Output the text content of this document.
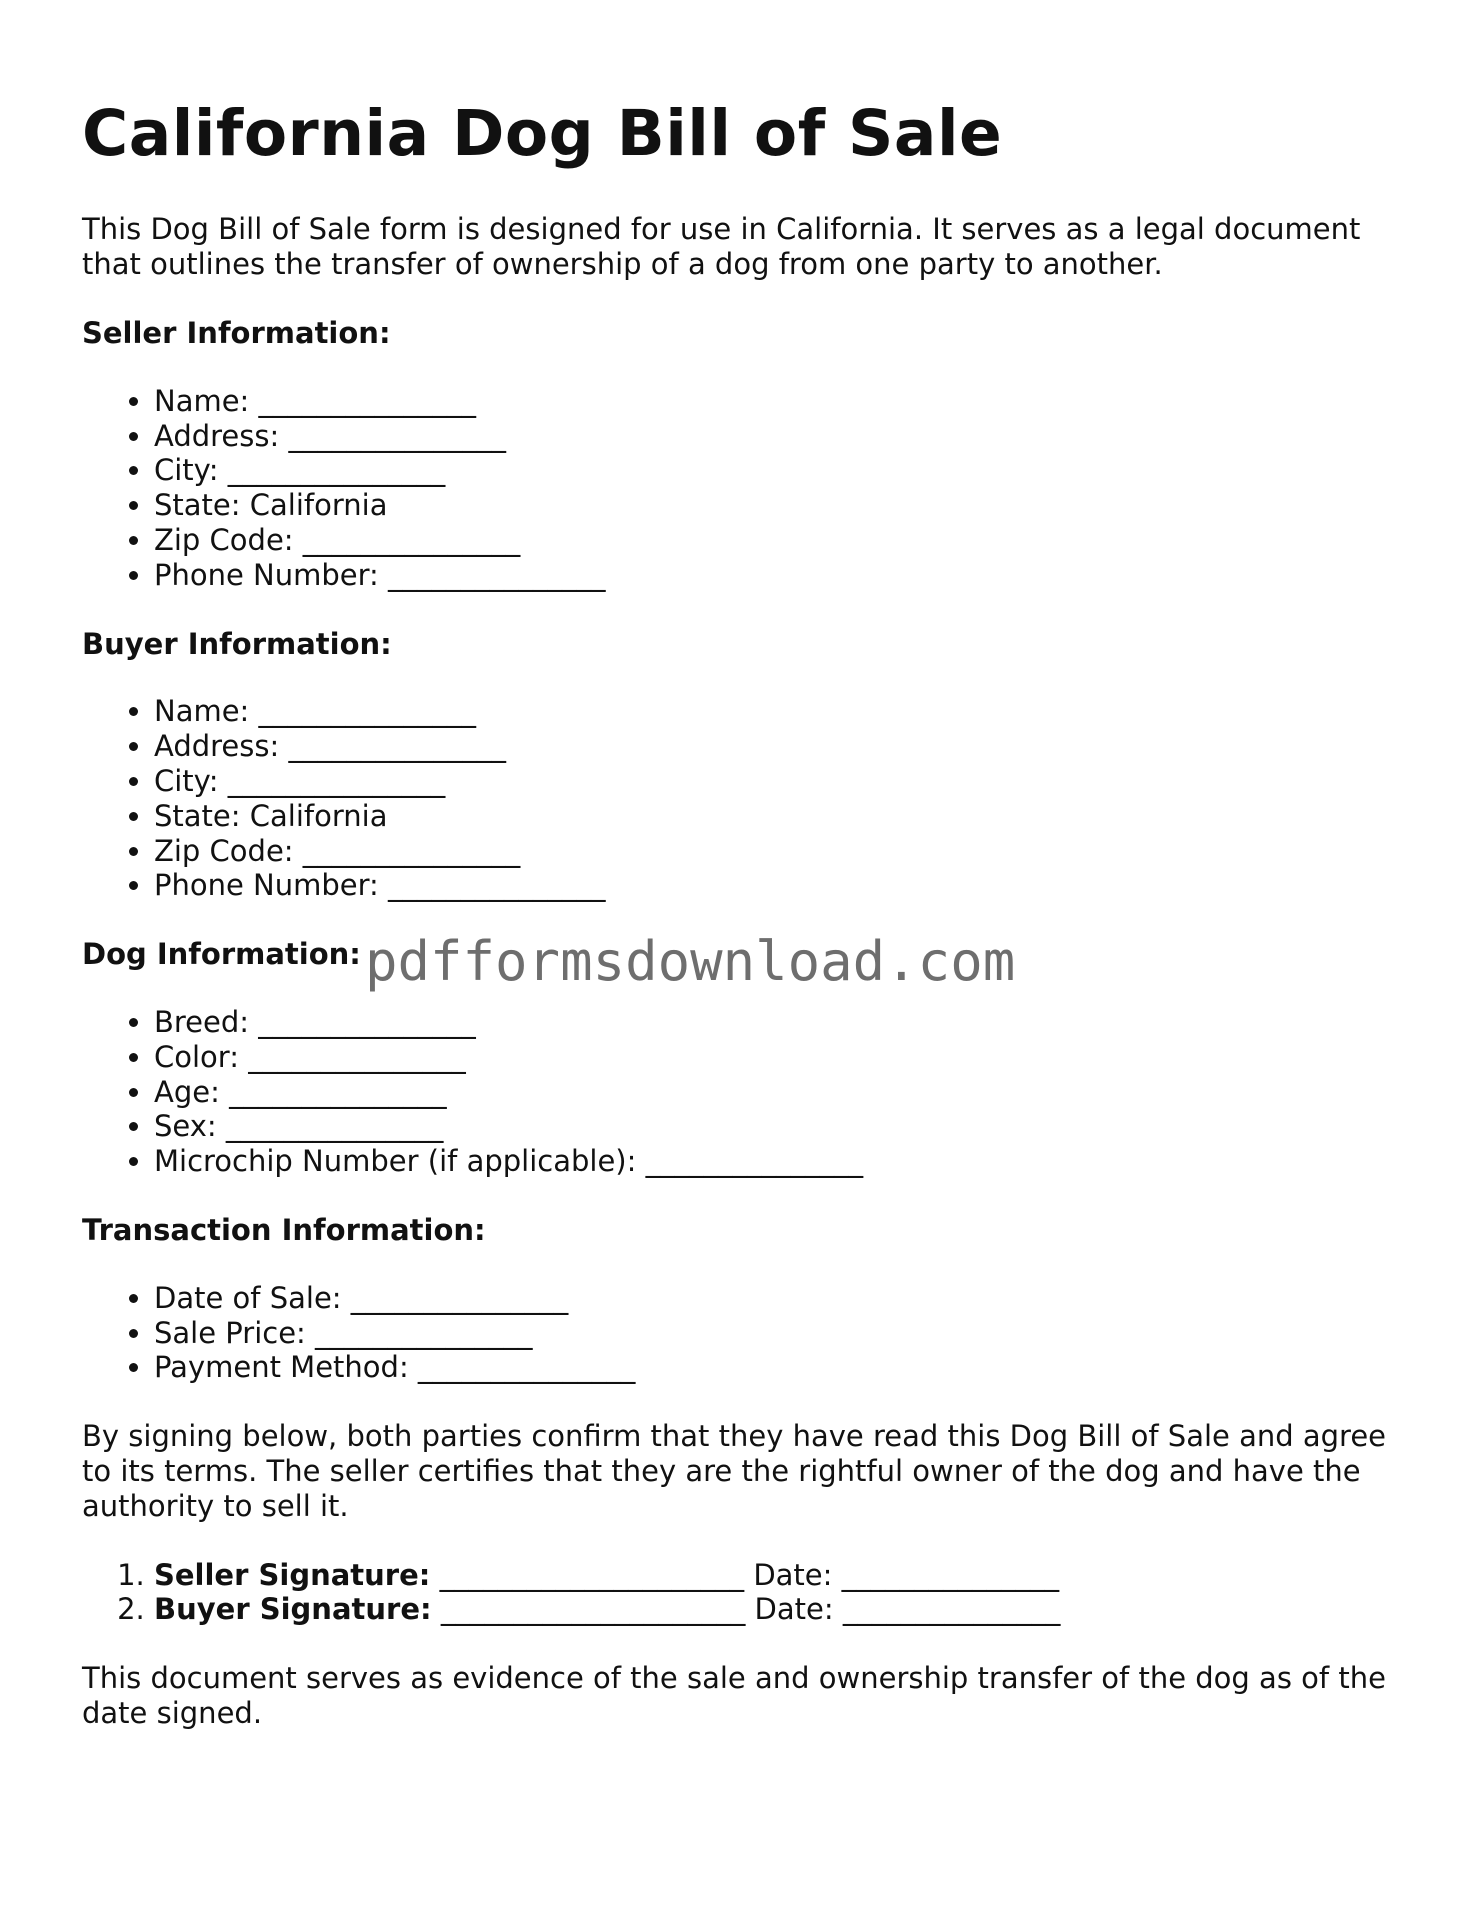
California Dog Bill of Sale

This Dog Bill of Sale form is designed for use in California. It serves as a legal document that outlines the transfer of ownership of a dog from one party to another.

Seller Information:
• Name: _______________
• Address: _______________
• City: _______________
• State: California
• Zip Code: _______________
• Phone Number: _______________
Buyer Information:
• Name: _______________
• Address: _______________
• City: _______________
• State: California
• Zip Code: _______________
• Phone Number: _______________
Dog Information:
• Breed: _______________
• Color: _______________
• Age: _______________
• Sex: _______________
• Microchip Number (if applicable): _______________
Transaction Information:
• Date of Sale: _______________
• Sale Price: _______________
• Payment Method: _______________

By signing below, both parties confirm that they have read this Dog Bill of Sale and agree to its terms. The seller certifies that they are the rightful owner of the dog and have the authority to sell it.

1. Seller Signature: _____________________ Date: _______________
2. Buyer Signature: _____________________ Date: _______________

This document serves as evidence of the sale and ownership transfer of the dog as of the date signed.

pdfformsdownload.com
